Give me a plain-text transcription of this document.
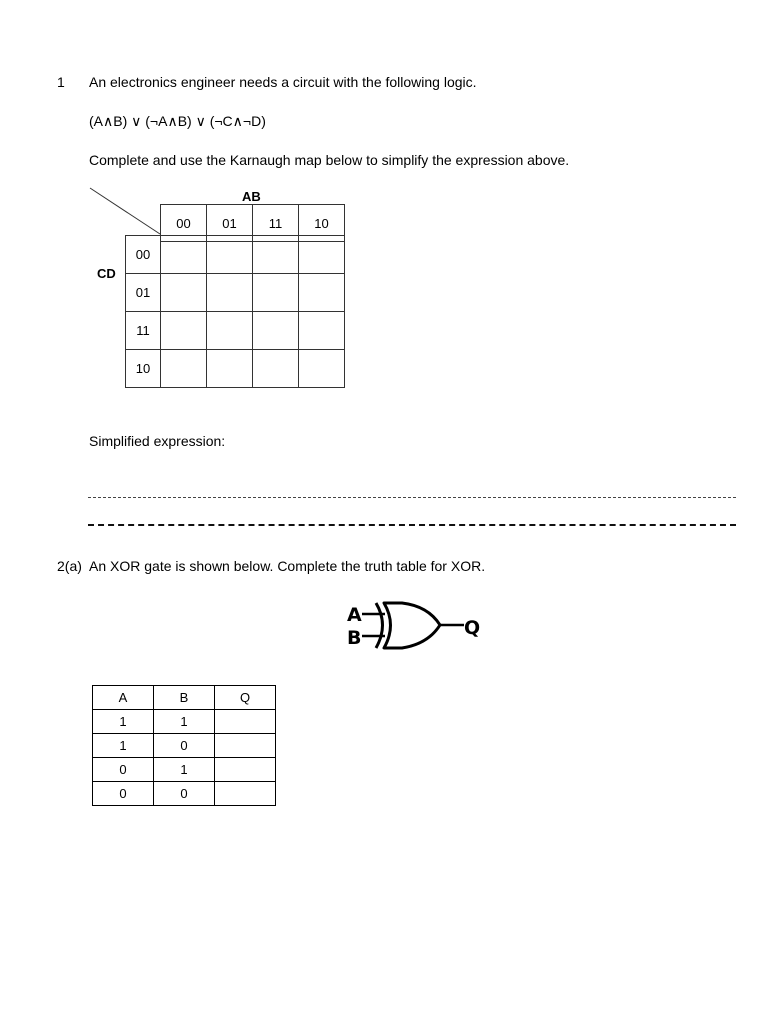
1 An electronics engineer needs a circuit with the following logic.
(A∧B) ∨ (¬A∧B) ∨ (¬C∧¬D)
Complete and use the Karnaugh map below to simplify the expression above.
AB
CD
00	01	11	10
00
01
11
10
Simplified expression:
2(a) An XOR gate is shown below. Complete the truth table for XOR.
A
B	Q
A	B	Q
1	1	
1	0	
0	1	
0	0	
